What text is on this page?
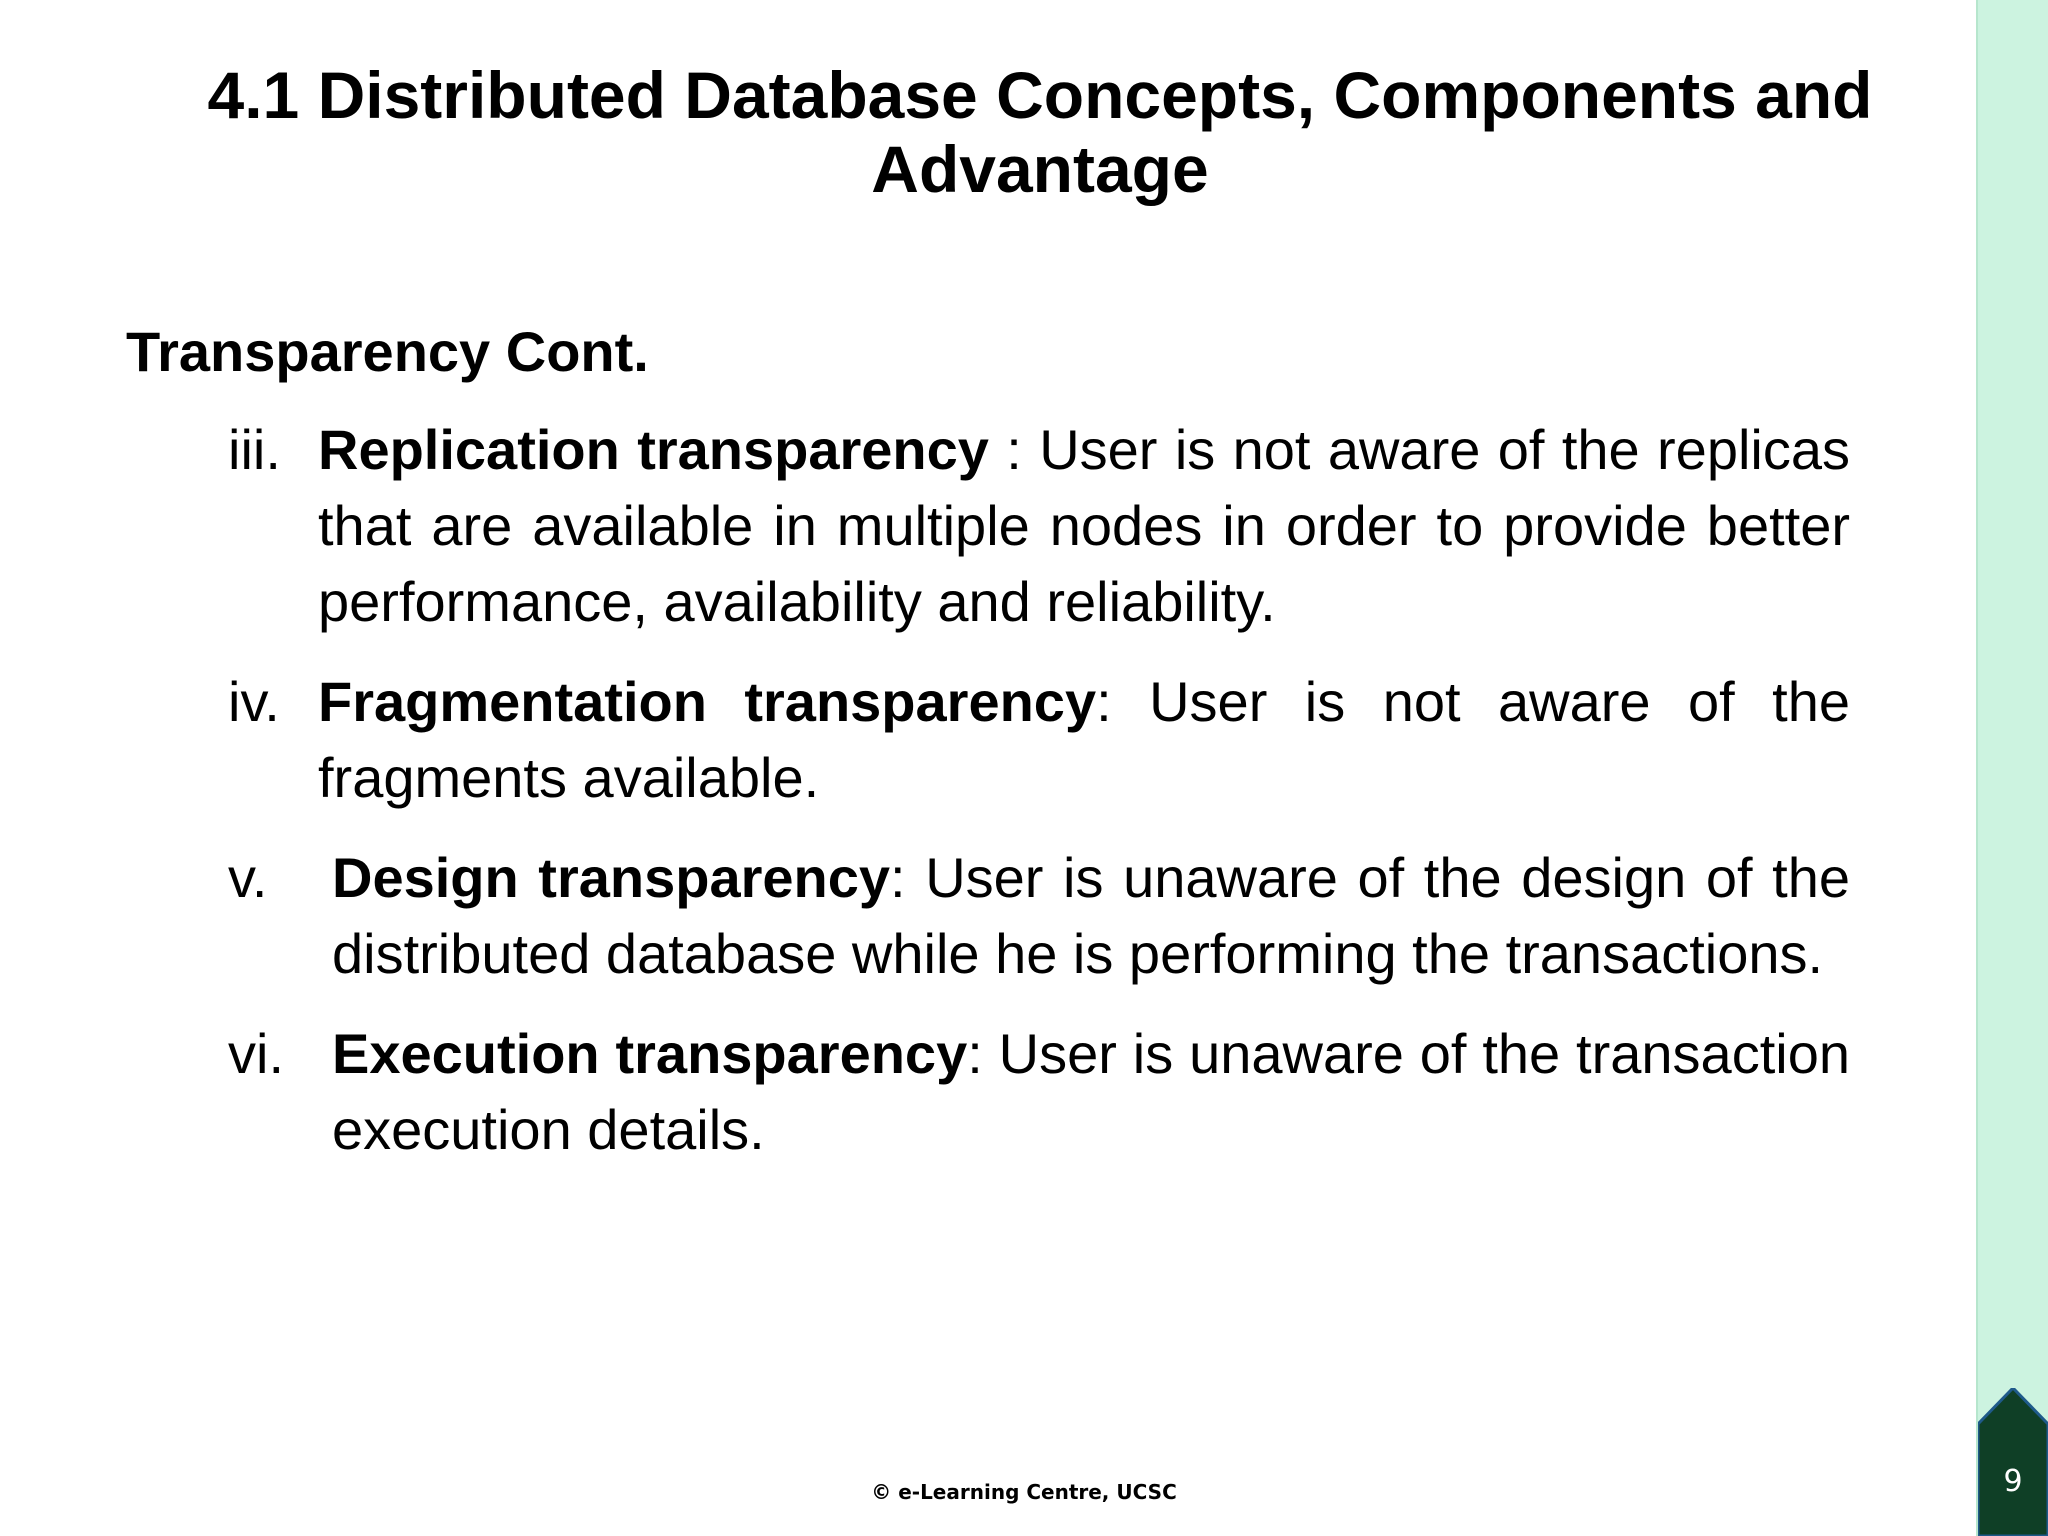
4.1 Distributed Database Concepts, Components and Advantage
Transparency Cont.
iii. Replication transparency : User is not aware of the replicas that are available in multiple nodes in order to provide better performance, availability and reliability.
iv. Fragmentation transparency: User is not aware of the fragments available.
v. Design transparency: User is unaware of the design of the distributed database while he is performing the transactions.
vi. Execution transparency: User is unaware of the transaction execution details.
9
© e-Learning Centre, UCSC
